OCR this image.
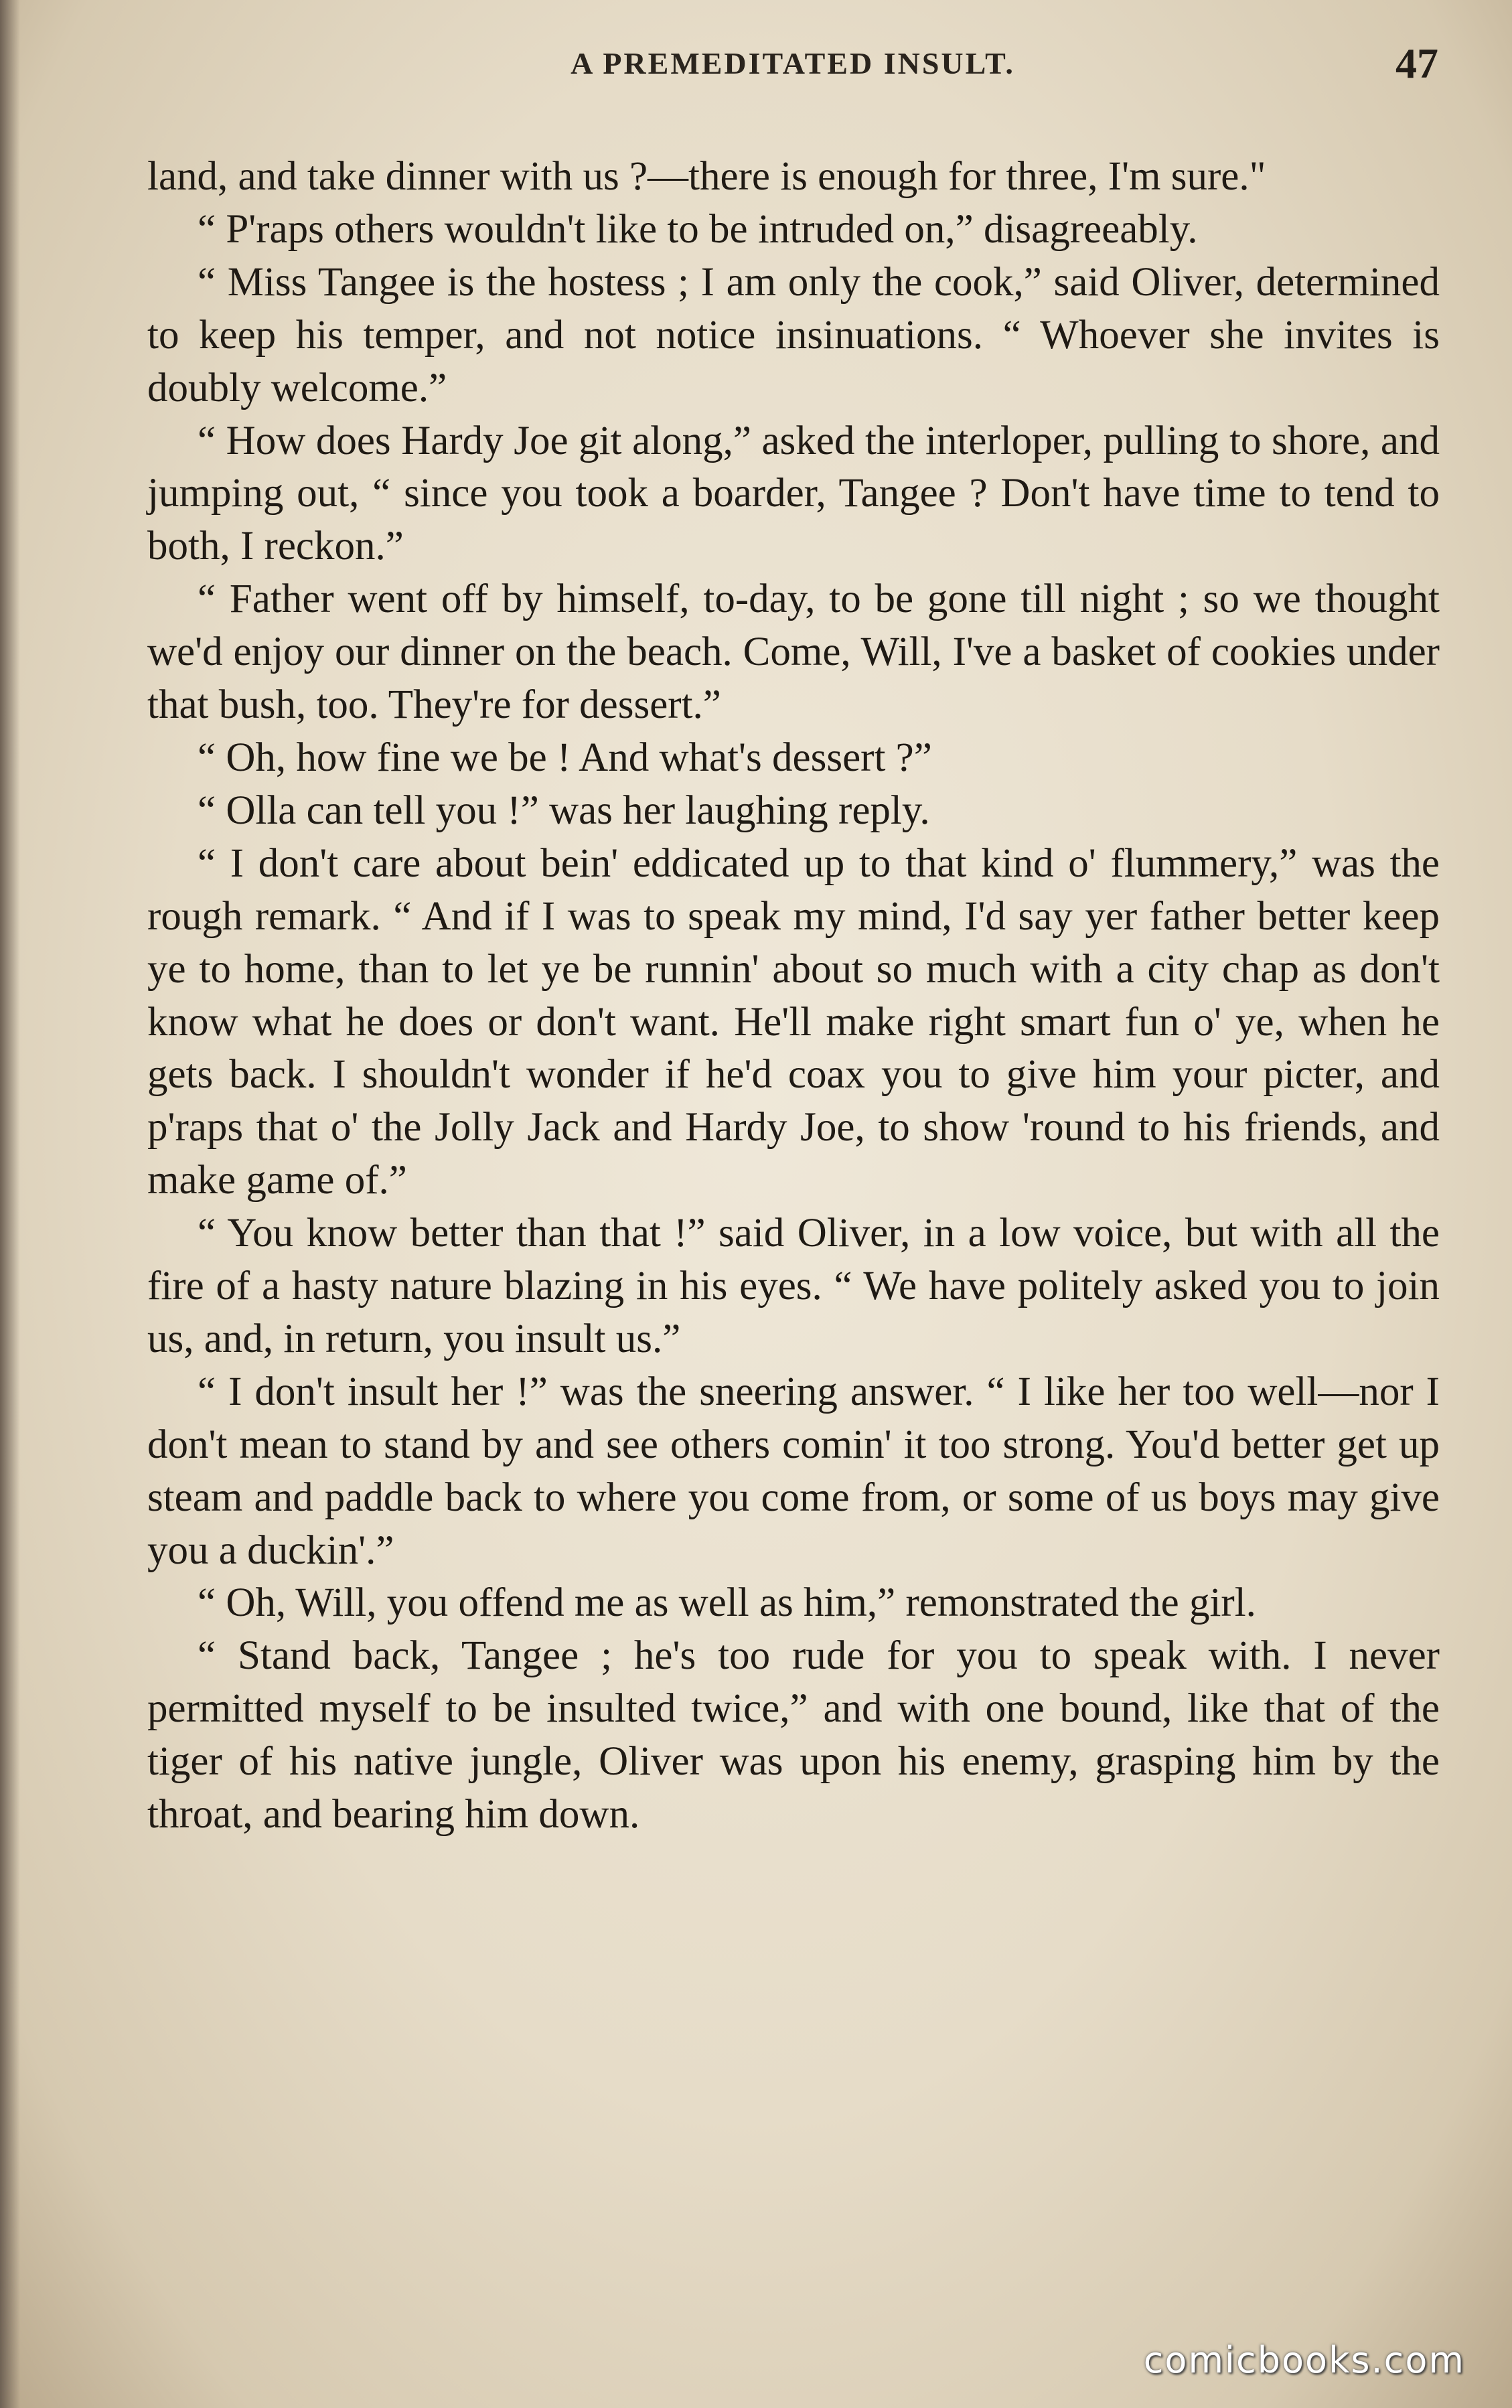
A PREMEDITATED INSULT.	47

land, and take dinner with us ?—there is enough for three, I'm sure."

“ P'raps others wouldn't like to be intruded on,” disagreeably.

“ Miss Tangee is the hostess ; I am only the cook,” said Oliver, determined to keep his temper, and not notice insinuations. “ Whoever she invites is doubly welcome.”

“ How does Hardy Joe git along,” asked the interloper, pulling to shore, and jumping out, “ since you took a boarder, Tangee ? Don't have time to tend to both, I reckon.”

“ Father went off by himself, to-day, to be gone till night ; so we thought we'd enjoy our dinner on the beach. Come, Will, I've a basket of cookies under that bush, too. They're for dessert.”

“ Oh, how fine we be ! And what's dessert ?”

“ Olla can tell you !” was her laughing reply.

“ I don't care about bein' eddicated up to that kind o' flummery,” was the rough remark. “ And if I was to speak my mind, I'd say yer father better keep ye to home, than to let ye be runnin' about so much with a city chap as don't know what he does or don't want. He'll make right smart fun o' ye, when he gets back. I shouldn't wonder if he'd coax you to give him your picter, and p'raps that o' the Jolly Jack and Hardy Joe, to show 'round to his friends, and make game of.”

“ You know better than that !” said Oliver, in a low voice, but with all the fire of a hasty nature blazing in his eyes. “ We have politely asked you to join us, and, in return, you insult us.”

“ I don't insult her !” was the sneering answer. “ I like her too well—nor I don't mean to stand by and see others comin' it too strong. You'd better get up steam and paddle back to where you come from, or some of us boys may give you a duckin'.”

“ Oh, Will, you offend me as well as him,” remonstrated the girl.

“ Stand back, Tangee ; he's too rude for you to speak with. I never permitted myself to be insulted twice,” and with one bound, like that of the tiger of his native jungle, Oliver was upon his enemy, grasping him by the throat, and bearing him down.

comicbooks.com
